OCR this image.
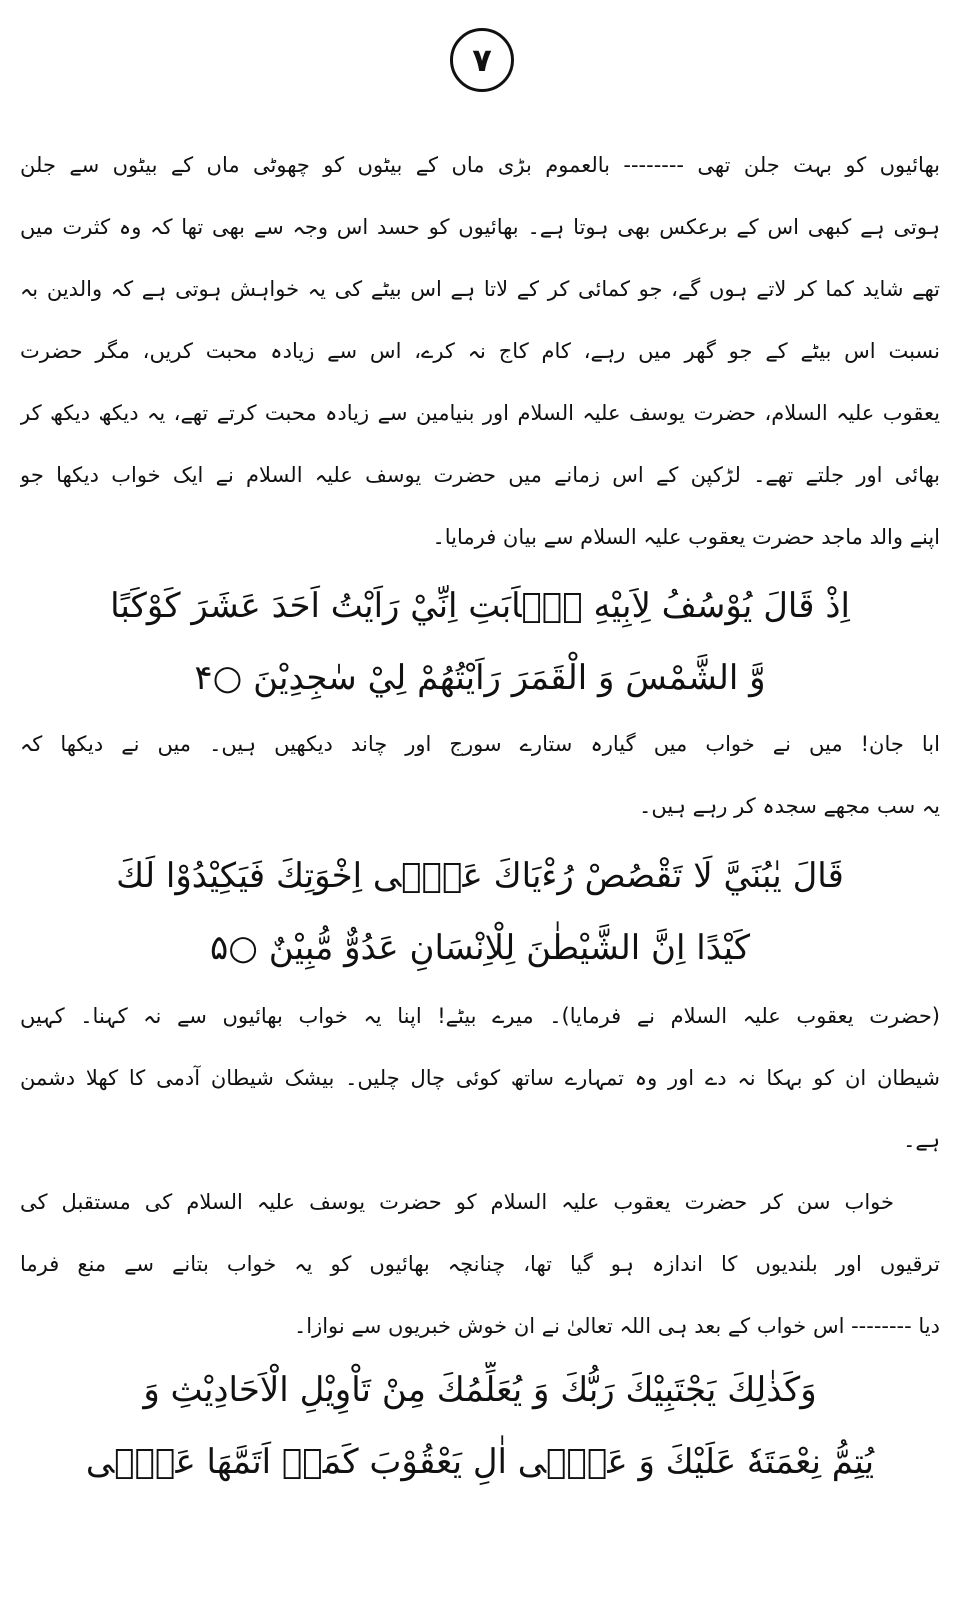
۷
بھائیوں کو بہت جلن تھی -------- بالعموم بڑی ماں کے بیٹوں کو چھوٹی ماں کے بیٹوں سے جلن
ہوتی ہے کبھی اس کے برعکس بھی ہوتا ہے۔ بھائیوں کو حسد اس وجہ سے بھی تھا کہ وہ کثرت میں
تھے شاید کما کر لاتے ہوں گے، جو کمائی کر کے لاتا ہے اس بیٹے کی یہ خواہش ہوتی ہے کہ والدین بہ
نسبت اس بیٹے کے جو گھر میں رہے، کام کاج نہ کرے، اس سے زیادہ محبت کریں، مگر حضرت
یعقوب علیہ السلام، حضرت یوسف علیہ السلام اور بنیامین سے زیادہ محبت کرتے تھے، یہ دیکھ دیکھ کر
بھائی اور جلتے تھے۔ لڑکپن کے اس زمانے میں حضرت یوسف علیہ السلام نے ایک خواب دیکھا جو
اپنے والد ماجد حضرت یعقوب علیہ السلام سے بیان فرمایا۔
اِذْ قَالَ يُوْسُفُ لِاَبِيْهِ يٰۤاَبَتِ اِنِّيْ رَاَيْتُ اَحَدَ عَشَرَ كَوْكَبًا
وَّ الشَّمْسَ وَ الْقَمَرَ رَاَيْتُهُمْ لِيْ سٰجِدِيْنَ ○۴
ابا جان! میں نے خواب میں گیارہ ستارے سورج اور چاند دیکھیں ہیں۔ میں نے دیکھا کہ
یہ سب مجھے سجدہ کر رہے ہیں۔
قَالَ يٰبُنَيَّ لَا تَقْصُصْ رُءْيَاكَ عَلٰۤى اِخْوَتِكَ فَيَكِيْدُوْا لَكَ
كَيْدًا اِنَّ الشَّيْطٰنَ لِلْاِنْسَانِ عَدُوٌّ مُّبِيْنٌ ○۵
(حضرت یعقوب علیہ السلام نے فرمایا)۔ میرے بیٹے! اپنا یہ خواب بھائیوں سے نہ کہنا۔ کہیں
شیطان ان کو بہکا نہ دے اور وہ تمہارے ساتھ کوئی چال چلیں۔ بیشک شیطان آدمی کا کھلا دشمن
ہے۔
خواب سن کر حضرت یعقوب علیہ السلام کو حضرت یوسف علیہ السلام کی مستقبل کی
ترقیوں اور بلندیوں کا اندازہ ہو گیا تھا، چنانچہ بھائیوں کو یہ خواب بتانے سے منع فرما
دیا -------- اس خواب کے بعد ہی اللہ تعالیٰ نے ان خوش خبریوں سے نوازا۔
وَكَذٰلِكَ يَجْتَبِيْكَ رَبُّكَ وَ يُعَلِّمُكَ مِنْ تَاْوِيْلِ الْاَحَادِيْثِ وَ
يُتِمُّ نِعْمَتَهٗ عَلَيْكَ وَ عَلٰۤى اٰلِ يَعْقُوْبَ كَمَاۤ اَتَمَّهَا عَلٰۤى
